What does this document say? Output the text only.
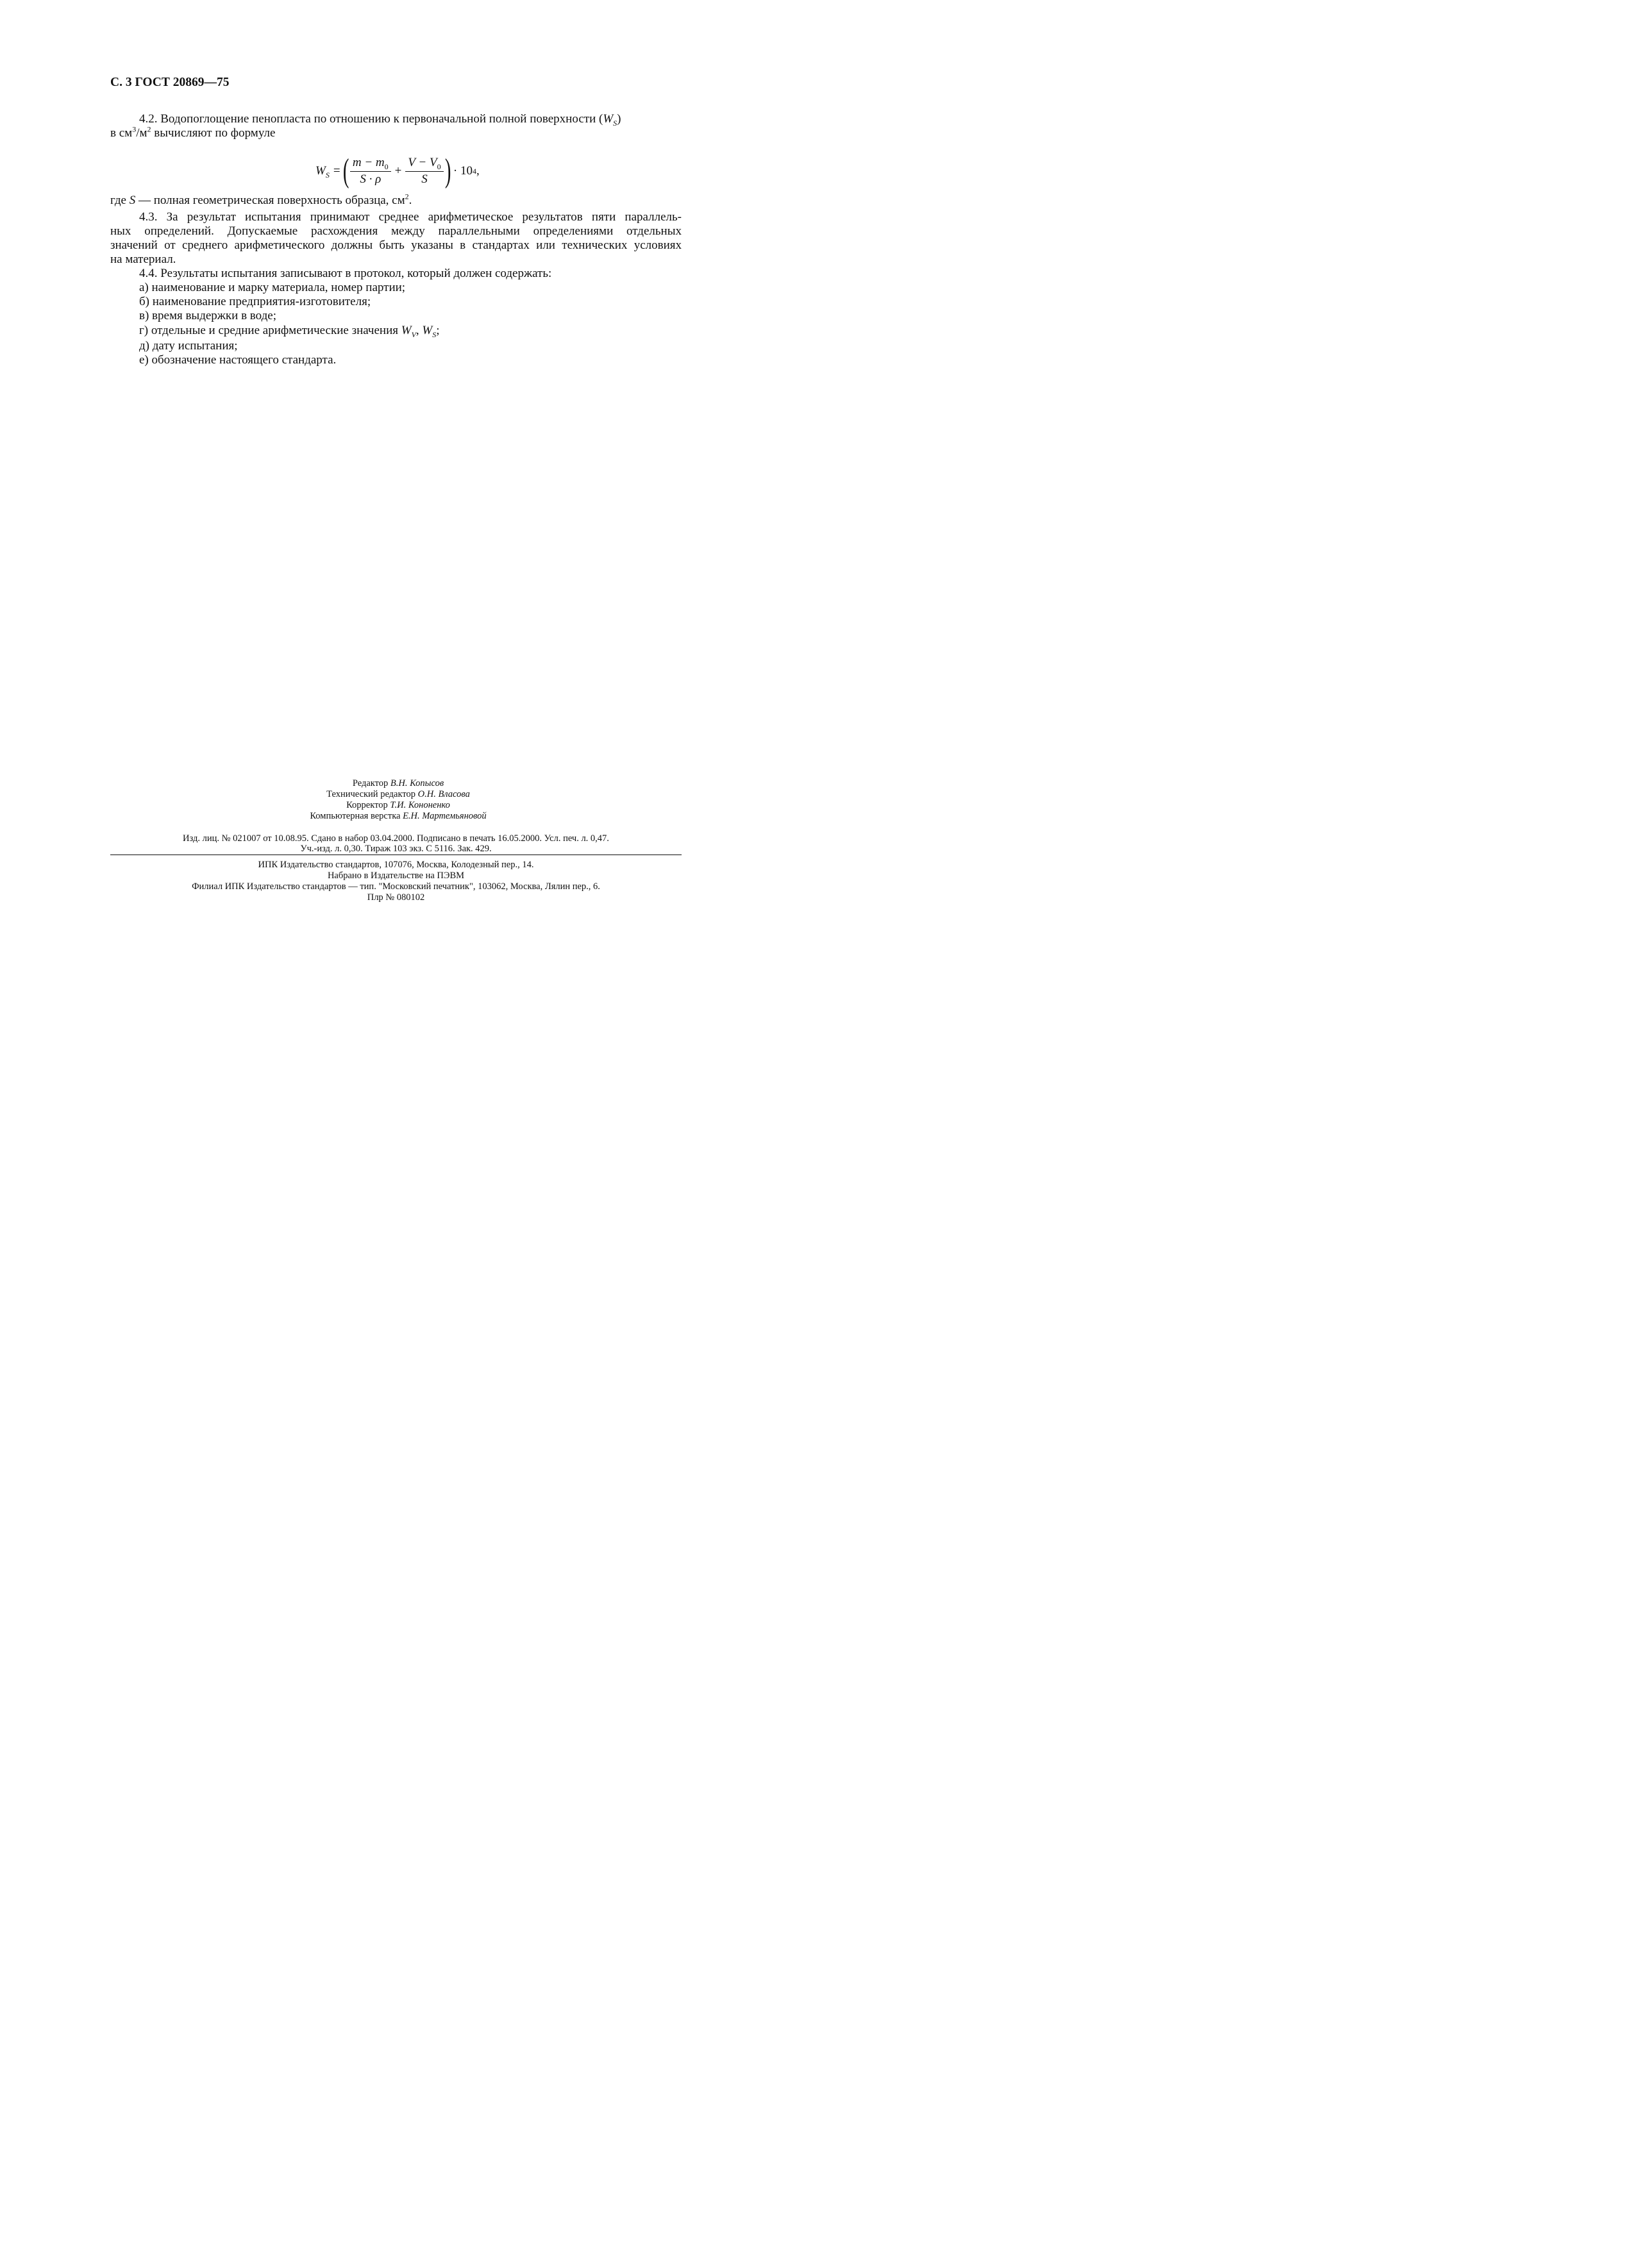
С. 3 ГОСТ 20869—75
4.2. Водопоглощение пенопласта по отношению к первоначальной полной поверхности $(W_S)$
в $см^3/м^2$ вычисляют по формуле
$W_S$ = ( $\frac{m - m_0}{S \cdot \rho} + \frac{V - V_0}{S}$ ) · 10 4 ,
где S — полная геометрическая поверхность образца, $см^2$.
4.3. За результат испытания принимают среднее арифметическое результатов пяти параллель-
ных определений. Допускаемые расхождения между параллельными определениями отдельных
значений от среднего арифметического должны быть указаны в стандартах или технических условиях
на материал.
4.4. Результаты испытания записывают в протокол, который должен содержать:
а) наименование и марку материала, номер партии;
б) наименование предприятия-изготовителя;
в) время выдержки в воде;
г) отдельные и средние арифметические значения $W_V$, $W_S$;
д) дату испытания;
е) обозначение настоящего стандарта.
Редактор В.Н. Копысов
Технический редактор О.Н. Власова
Корректор Т.И. Кононенко
Компьютерная верстка Е.Н. Мартемьяновой
Изд. лиц. № 021007 от 10.08.95. Сдано в набор 03.04.2000. Подписано в печать 16.05.2000. Усл. печ. л. 0,47.
Уч.-изд. л. 0,30. Тираж 103 экз. С 5116. Зак. 429.
ИПК Издательство стандартов, 107076, Москва, Колодезный пер., 14.
Набрано в Издательстве на ПЭВМ
Филиал ИПК Издательство стандартов — тип. "Московский печатник", 103062, Москва, Лялин пер., 6.
Плр № 080102
